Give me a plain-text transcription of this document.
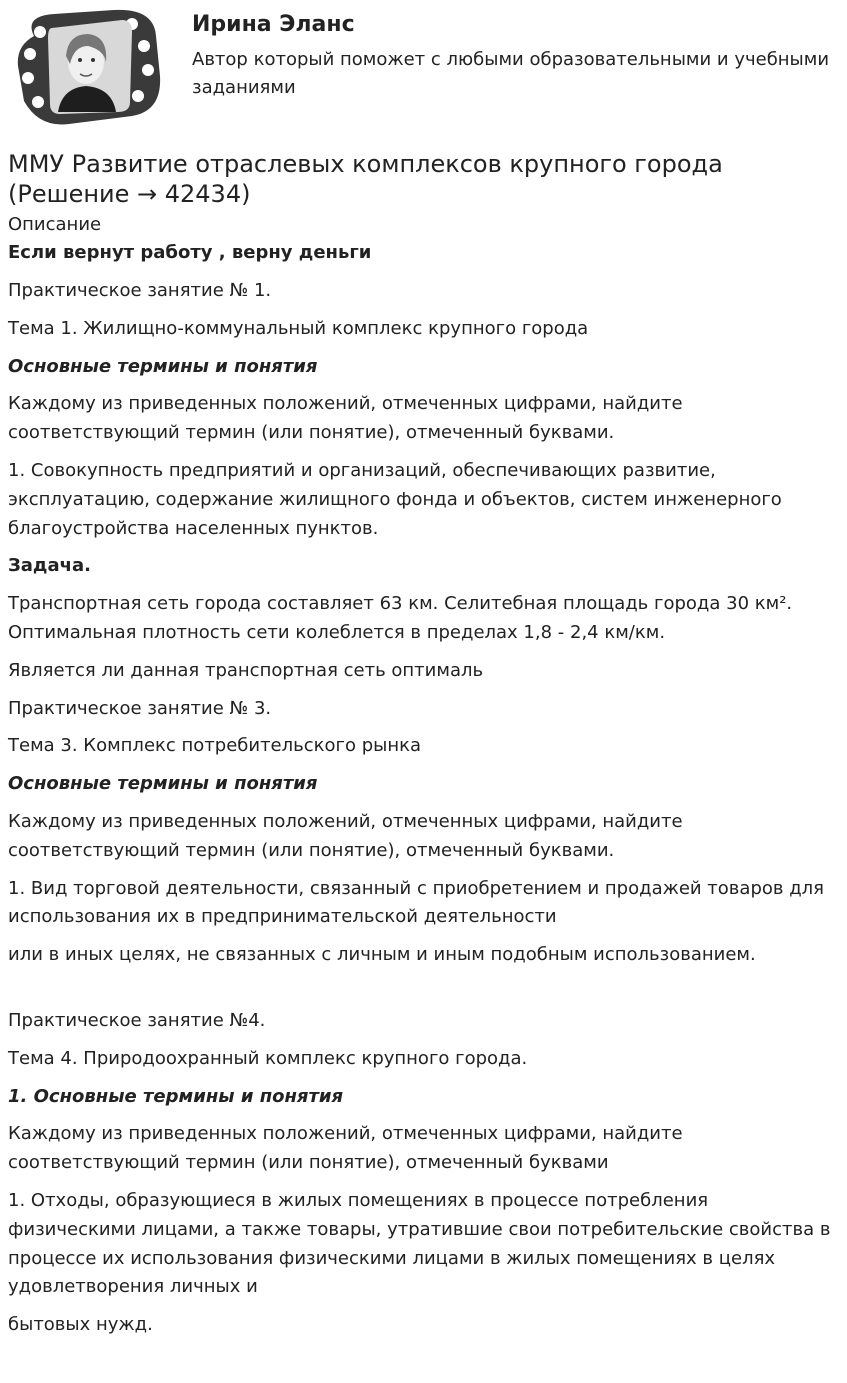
Ирина Эланс

Автор который поможет с любыми образовательными и учебными заданиями

ММУ Развитие отраслевых комплексов крупного города (Решение → 42434)
Описание
Если вернут работу , верну деньги

Практическое занятие № 1.

Тема 1. Жилищно-коммунальный комплекс крупного города

Основные термины и понятия

Каждому из приведенных положений, отмеченных цифрами, найдите соответствующий термин (или понятие), отмеченный буквами.

1. Совокупность предприятий и организаций, обеспечивающих развитие, эксплуатацию, содержание жилищного фонда и объектов, систем инженерного благоустройства населенных пунктов.

Задача.

Транспортная сеть города составляет 63 км. Селитебная площадь города 30 км². Оптимальная плотность сети колеблется в пределах 1,8 - 2,4 км/км.

Является ли данная транспортная сеть оптималь

Практическое занятие № 3.

Тема 3. Комплекс потребительского рынка

Основные термины и понятия

Каждому из приведенных положений, отмеченных цифрами, найдите соответствующий термин (или понятие), отмеченный буквами.

1. Вид торговой деятельности, связанный с приобретением и продажей товаров для использования их в предпринимательской деятельности

или в иных целях, не связанных с личным и иным подобным использованием.

Практическое занятие №4.

Тема 4. Природоохранный комплекс крупного города.

1. Основные термины и понятия

Каждому из приведенных положений, отмеченных цифрами, найдите соответствующий термин (или понятие), отмеченный буквами

1. Отходы, образующиеся в жилых помещениях в процессе потребления физическими лицами, а также товары, утратившие свои потребительские свойства в процессе их использования физическими лицами в жилых помещениях в целях удовлетворения личных и

бытовых нужд.
